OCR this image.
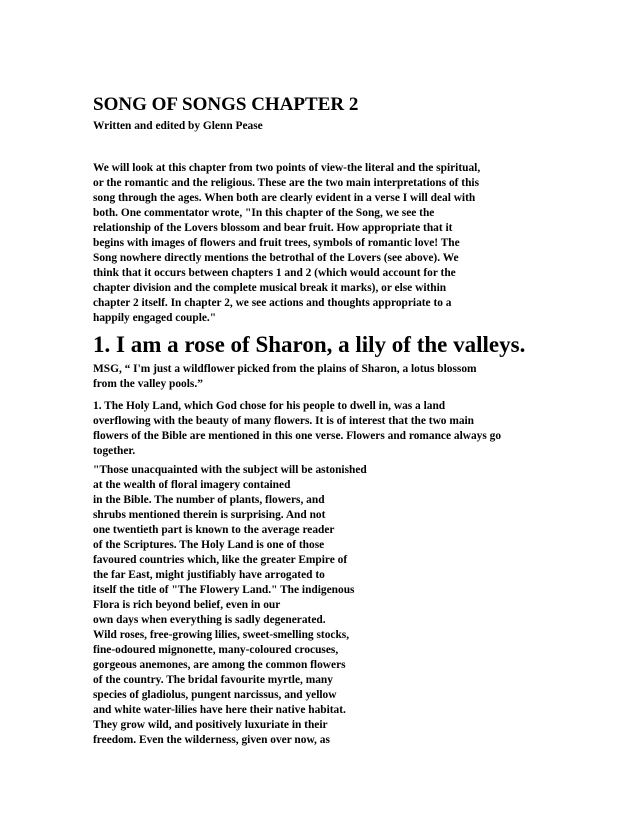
SONG OF SONGS CHAPTER 2
Written and edited by Glenn Pease
We will look at this chapter from two points of view-the literal and the spiritual,
or the romantic and the religious. These are the two main interpretations of this
song through the ages. When both are clearly evident in a verse I will deal with
both. One commentator wrote, "In this chapter of the Song, we see the
relationship of the Lovers blossom and bear fruit. How appropriate that it
begins with images of flowers and fruit trees, symbols of romantic love! The
Song nowhere directly mentions the betrothal of the Lovers (see above). We
think that it occurs between chapters 1 and 2 (which would account for the
chapter division and the complete musical break it marks), or else within
chapter 2 itself. In chapter 2, we see actions and thoughts appropriate to a
happily engaged couple."
1. I am a rose of Sharon, a lily of the valleys.
MSG, “ I'm just a wildflower picked from the plains of Sharon, a lotus blossom
from the valley pools.”
1. The Holy Land, which God chose for his people to dwell in, was a land
overflowing with the beauty of many flowers. It is of interest that the two main
flowers of the Bible are mentioned in this one verse. Flowers and romance always go
together.
"Those unacquainted with the subject will be astonished
at the wealth of floral imagery contained
in the Bible. The number of plants, flowers, and
shrubs mentioned therein is surprising. And not
one twentieth part is known to the average reader
of the Scriptures. The Holy Land is one of those
favoured countries which, like the greater Empire of
the far East, might justifiably have arrogated to
itself the title of "The Flowery Land." The indigenous
Flora is rich beyond belief, even in our
own days when everything is sadly degenerated.
Wild roses, free-growing lilies, sweet-smelling stocks,
fine-odoured mignonette, many-coloured crocuses,
gorgeous anemones, are among the common flowers
of the country. The bridal favourite myrtle, many
species of gladiolus, pungent narcissus, and yellow
and white water-lilies have here their native habitat.
They grow wild, and positively luxuriate in their
freedom. Even the wilderness, given over now, as
